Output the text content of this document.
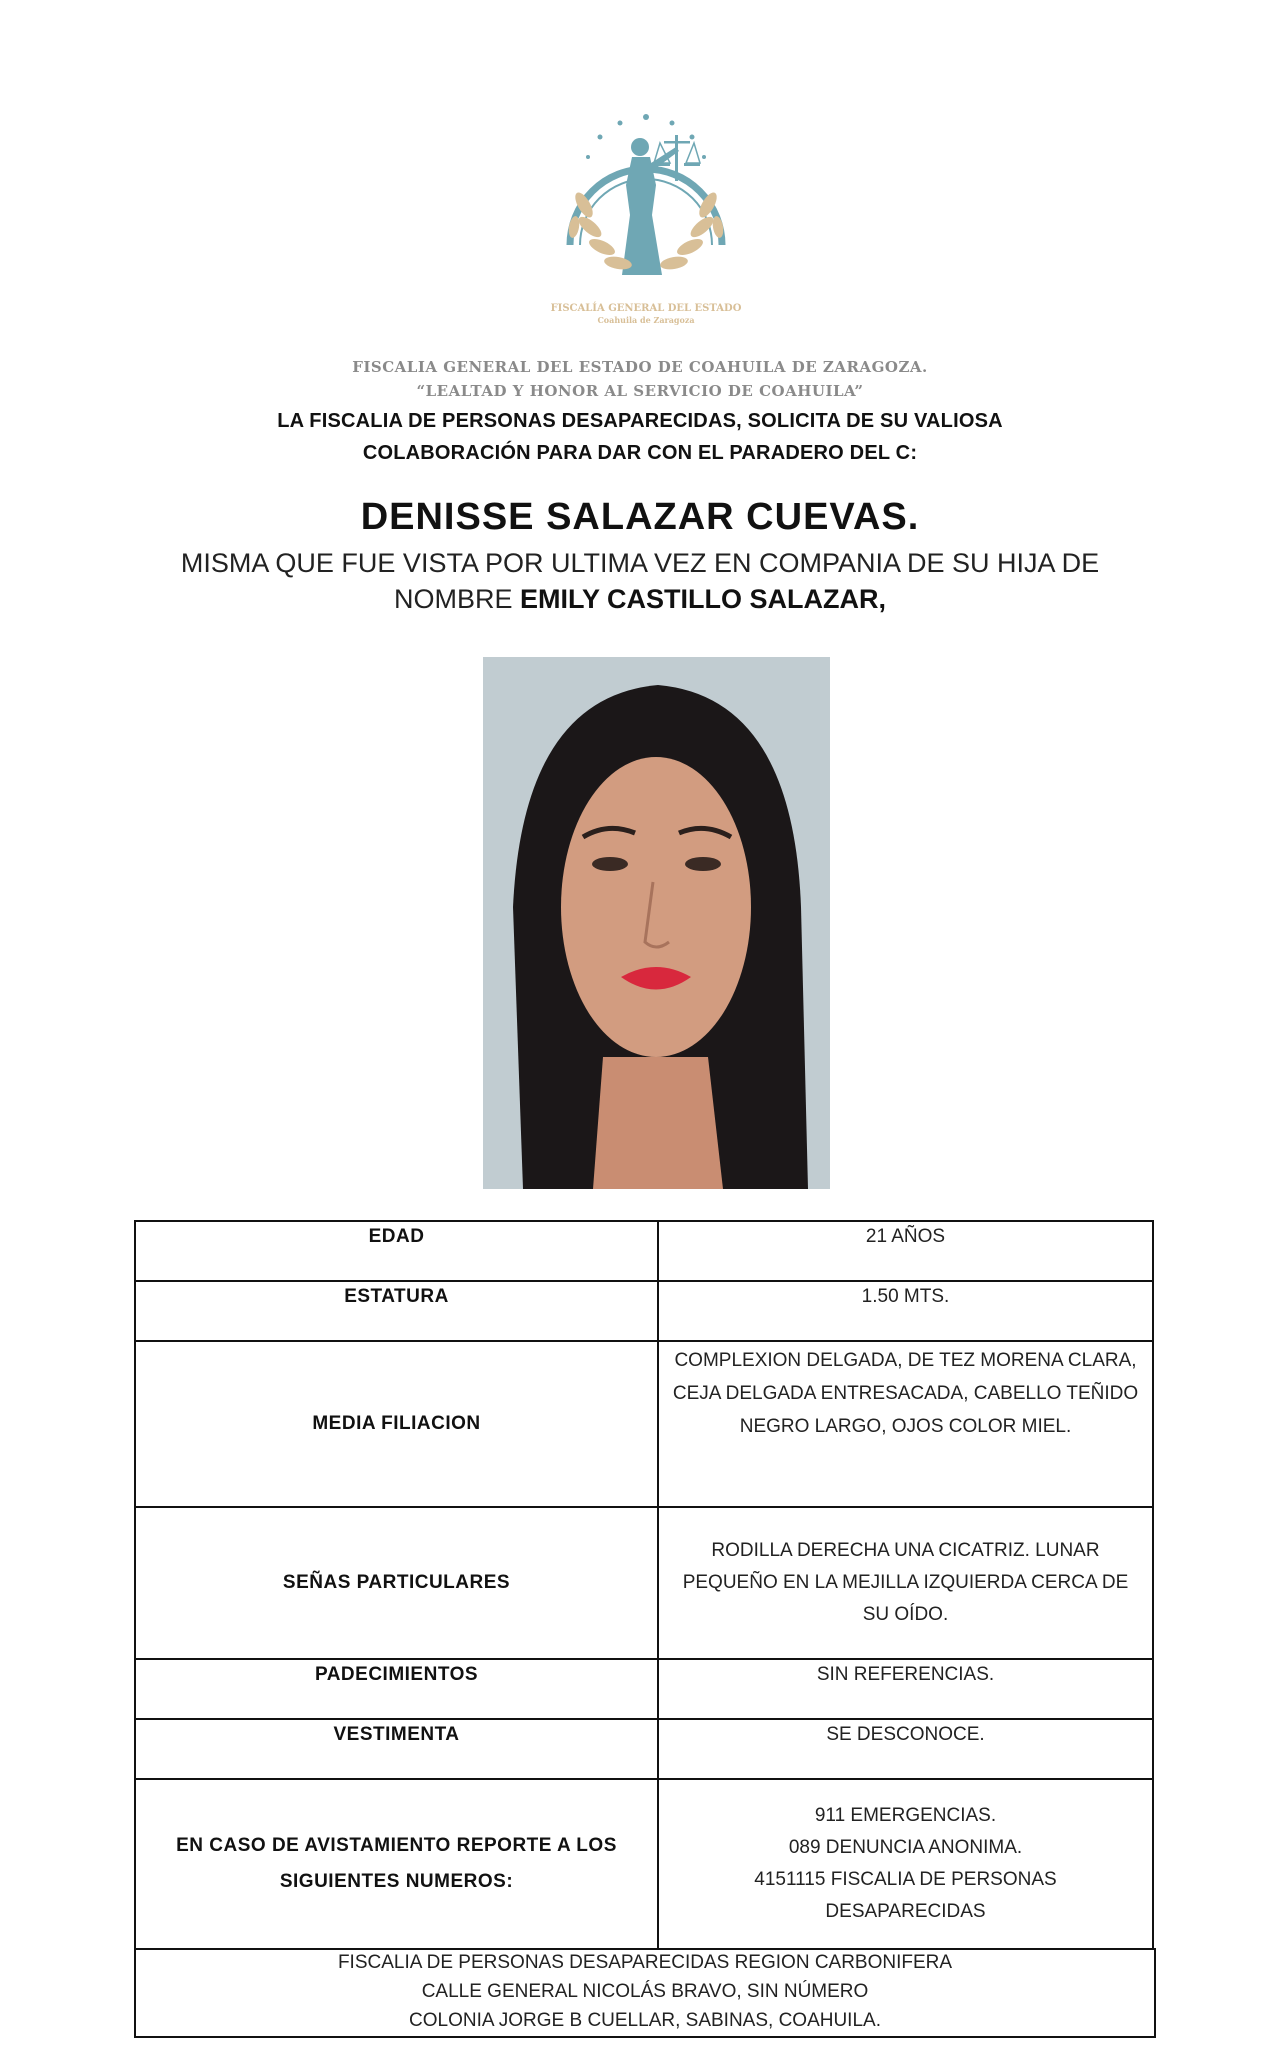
FISCALÍA GENERAL DEL ESTADO
Coahuila de Zaragoza
FISCALIA GENERAL DEL ESTADO DE COAHUILA DE ZARAGOZA.
“LEALTAD Y HONOR AL SERVICIO DE COAHUILA”
LA FISCALIA DE PERSONAS DESAPARECIDAS, SOLICITA DE SU VALIOSA
COLABORACIÓN PARA DAR CON EL PARADERO DEL C:
DENISSE SALAZAR CUEVAS.
MISMA QUE FUE VISTA POR ULTIMA VEZ EN COMPANIA DE SU HIJA DE
NOMBRE EMILY CASTILLO SALAZAR,
EDAD	21 AÑOS
ESTATURA	1.50 MTS.
MEDIA FILIACION	COMPLEXION DELGADA, DE TEZ MORENA CLARA, CEJA DELGADA ENTRESACADA, CABELLO TEÑIDO NEGRO LARGO, OJOS COLOR MIEL.
SEÑAS PARTICULARES	RODILLA DERECHA UNA CICATRIZ. LUNAR PEQUEÑO EN LA MEJILLA IZQUIERDA CERCA DE SU OÍDO.
PADECIMIENTOS	SIN REFERENCIAS.
VESTIMENTA	SE DESCONOCE.
EN CASO DE AVISTAMIENTO REPORTE A LOS SIGUIENTES NUMEROS:	911 EMERGENCIAS.
089 DENUNCIA ANONIMA.
4151115 FISCALIA DE PERSONAS
DESAPARECIDAS
FISCALIA DE PERSONAS DESAPARECIDAS REGION CARBONIFERA
CALLE GENERAL NICOLÁS BRAVO, SIN NÚMERO
COLONIA JORGE B CUELLAR, SABINAS, COAHUILA.
